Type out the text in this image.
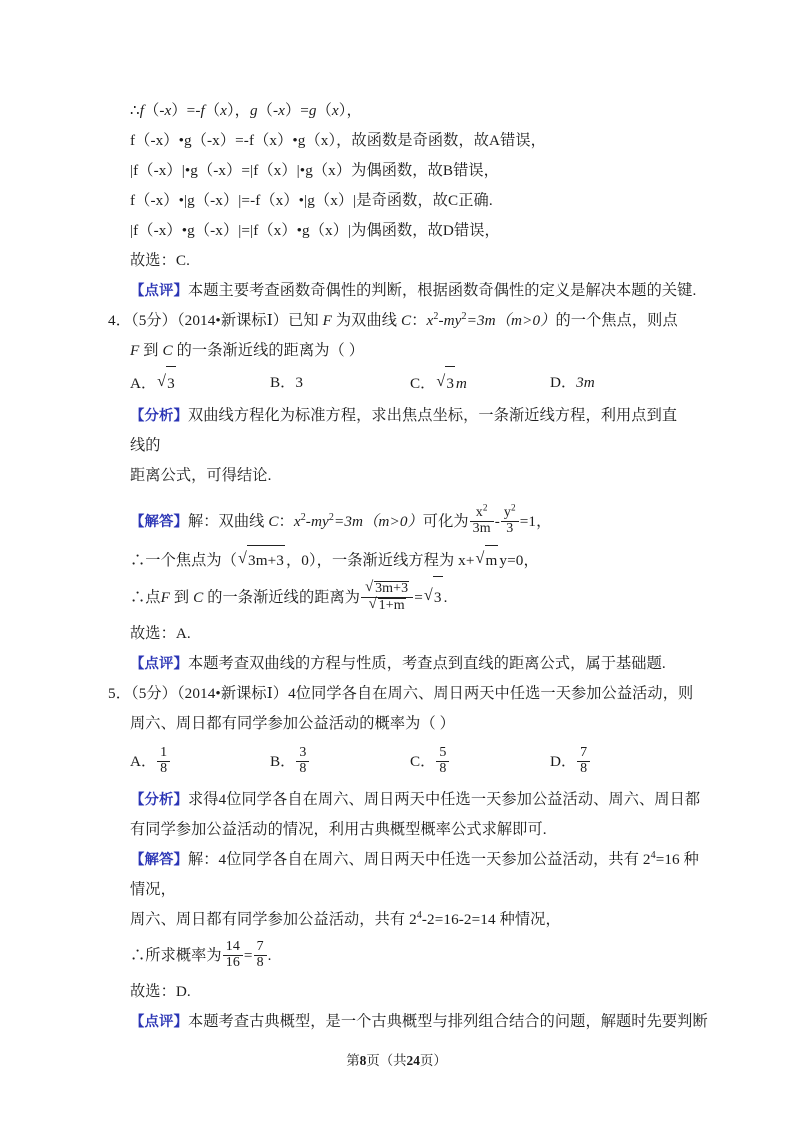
∴f（-x）=-f（x），g（-x）=g（x），
f（-x）•g（-x）=-f（x）•g（x），故函数是奇函数，故A错误，
|f（-x）|•g（-x）=|f（x）|•g（x）为偶函数，故B错误，
f（-x）•|g（-x）|=-f（x）•|g（x）|是奇函数，故C正确.
|f（-x）•g（-x）|=|f（x）•g（x）|为偶函数，故D错误，
故选：C.
【点评】本题主要考查函数奇偶性的判断，根据函数奇偶性的定义是解决本题的关键.
4．（5分）（2014•新课标Ⅰ）已知 F 为双曲线 C：$x^2-my^2=3m(m>0)$的一个焦点，则点
F 到 C 的一条渐近线的距离为（ ）
A． √ 3	B．3	C． √ 3 m	D．3m
【分析】双曲线方程化为标准方程，求出焦点坐标，一条渐近线方程，利用点到直线的
距离公式，可得结论.
【解答】解：双曲线 C：$x^2-my^2=3m(m>0)$可化为 $\frac{x^2}{3m} - \frac{y^2}{3} =1$，
∴一个焦点为（ √ 3m+3 ，0），一条渐近线方程为 x+ √ m y=0，
∴点F 到 C 的一条渐近线的距离为 √ 3m+3
√ 1+m = √ 3 .
故选：A.
【点评】本题考查双曲线的方程与性质，考查点到直线的距离公式，属于基础题.
5．（5分）（2014•新课标Ⅰ）4位同学各自在周六、周日两天中任选一天参加公益活动，则
周六、周日都有同学参加公益活动的概率为（ ）
A． $\frac{1}{8}$	B． $\frac{3}{8}$	C． $\frac{5}{8}$	D． $\frac{7}{8}$
【分析】求得4位同学各自在周六、周日两天中任选一天参加公益活动、周六、周日都
有同学参加公益活动的情况，利用古典概型概率公式求解即可.
【解答】解：4位同学各自在周六、周日两天中任选一天参加公益活动，共有 $2^4=16$ 种
情况，
周六、周日都有同学参加公益活动，共有 $2^4-2=16-2=14$ 种情况，
∴所求概率为 $\frac{14}{16} = \frac{7}{8}$ .
故选：D.
【点评】本题考查古典概型，是一个古典概型与排列组合结合的问题，解题时先要判断
第8页（共24页）
